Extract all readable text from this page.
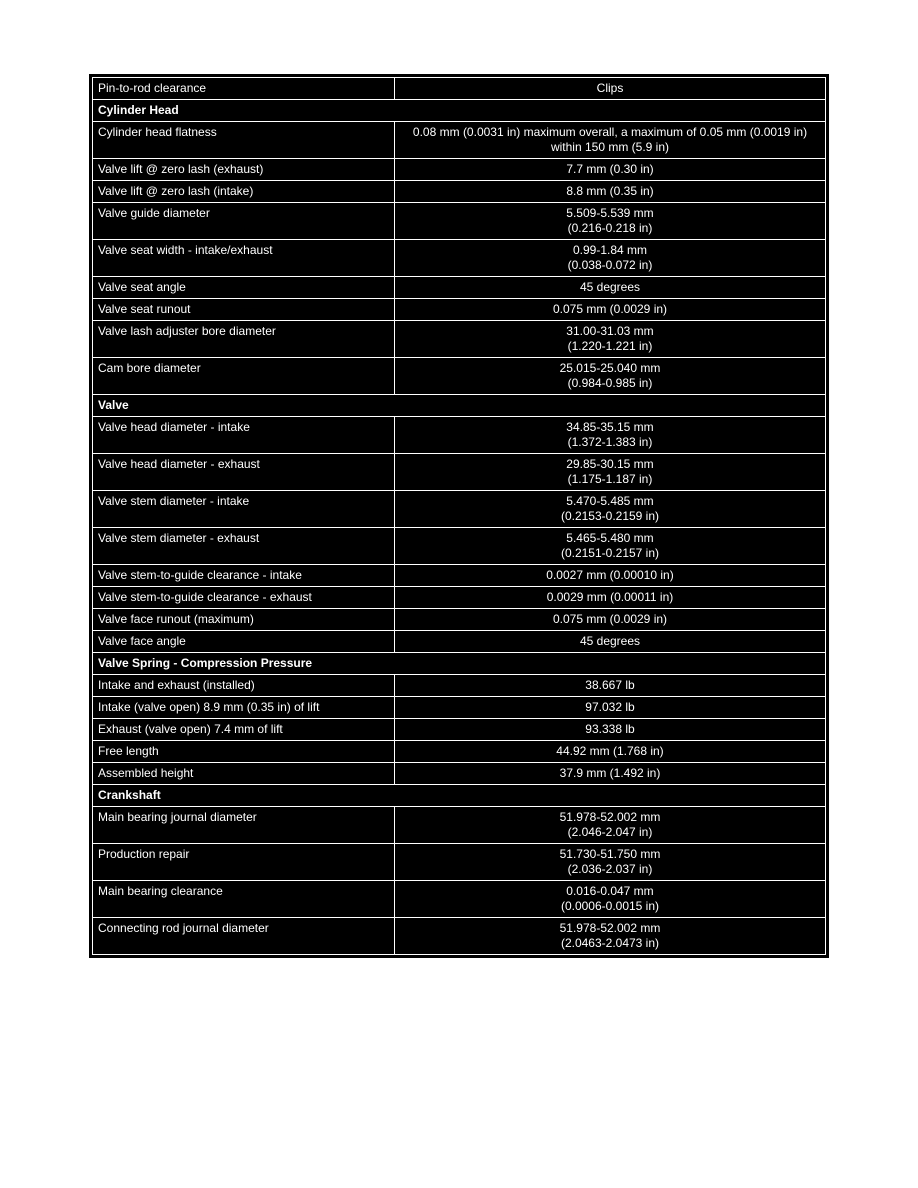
Pin-to-rod clearance	Clips

Cylinder Head	
Cylinder head flatness	0.08 mm (0.0031 in) maximum overall, a maximum of 0.05 mm (0.0019 in)
within 150 mm (5.9 in)

Valve lift @ zero lash (exhaust)	7.7 mm (0.30 in)

Valve lift @ zero lash (intake)	8.8 mm (0.35 in)

Valve guide diameter	5.509-5.539 mm
(0.216-0.218 in)

Valve seat width - intake/exhaust	0.99-1.84 mm
(0.038-0.072 in)

Valve seat angle	45 degrees

Valve seat runout	0.075 mm (0.0029 in)

Valve lash adjuster bore diameter	31.00-31.03 mm
(1.220-1.221 in)

Cam bore diameter	25.015-25.040 mm
(0.984-0.985 in)

Valve	
Valve head diameter - intake	34.85-35.15 mm
(1.372-1.383 in)

Valve head diameter - exhaust	29.85-30.15 mm
(1.175-1.187 in)

Valve stem diameter - intake	5.470-5.485 mm
(0.2153-0.2159 in)

Valve stem diameter - exhaust	5.465-5.480 mm
(0.2151-0.2157 in)

Valve stem-to-guide clearance - intake	0.0027 mm (0.00010 in)

Valve stem-to-guide clearance - exhaust	0.0029 mm (0.00011 in)

Valve face runout (maximum)	0.075 mm (0.0029 in)

Valve face angle	45 degrees

Valve Spring - Compression Pressure	
Intake and exhaust (installed)	38.667 lb

Intake (valve open) 8.9 mm (0.35 in) of lift	97.032 lb

Exhaust (valve open) 7.4 mm of lift	93.338 lb

Free length	44.92 mm (1.768 in)

Assembled height	37.9 mm (1.492 in)

Crankshaft	
Main bearing journal diameter	51.978-52.002 mm
(2.046-2.047 in)

Production repair	51.730-51.750 mm
(2.036-2.037 in)

Main bearing clearance	0.016-0.047 mm
(0.0006-0.0015 in)

Connecting rod journal diameter	51.978-52.002 mm
(2.0463-2.0473 in)
